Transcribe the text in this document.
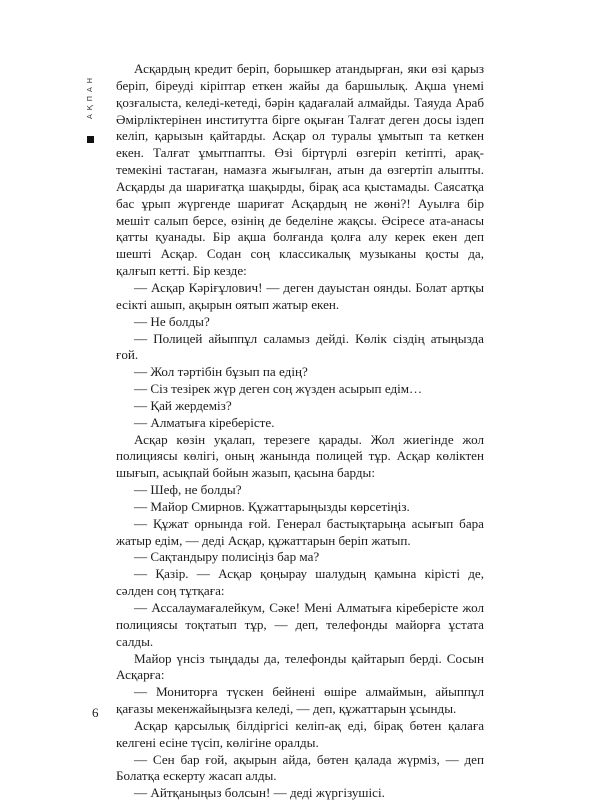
АҚПАН

Асқардың кредит беріп, борышкер атандырған, яки өзі қарыз беріп, біреуді кіріптар еткен жайы да баршылық. Ақша үнемі қозғалыста, келеді-кетеді, бәрін қадағалай алмайды. Таяуда Араб Әмірліктерінен институтта бірге оқыған Талғат деген досы іздеп келіп, қарызын қайтарды. Асқар ол туралы ұмытып та кеткен екен. Талғат ұмытпапты. Өзі біртүрлі өзгеріп кетіпті, арақ-темекіні тастаған, намазға жығылған, атын да өзгертіп алыпты. Асқарды да шариғатқа шақырды, бірақ аса қыстамады. Саясатқа бас ұрып жүргенде шариғат Асқардың не жөні?! Ауылға бір мешіт салып берсе, өзінің де беделіне жақсы. Әсіресе ата-анасы қатты қуанады. Бір ақша болғанда қолға алу керек екен деп шешті Асқар. Содан соң классикалық музыканы қосты да, қалғып кетті. Бір кезде:

— Асқар Кәріғұлович! — деген дауыстан оянды. Болат артқы есікті ашып, ақырын оятып жатыр екен.

— Не болды?

— Полицей айыппұл саламыз дейді. Көлік сіздің атыңызда ғой.

— Жол тәртібін бұзып па едің?

— Сіз тезірек жүр деген соң жүзден асырып едім…

— Қай жердеміз?

— Алматыға кіреберісте.

Асқар көзін уқалап, терезеге қарады. Жол жиегінде жол полициясы көлігі, оның жанында полицей тұр. Асқар көліктен шығып, асықпай бойын жазып, қасына барды:

— Шеф, не болды?

— Майор Смирнов. Құжаттарыңызды көрсетіңіз.

— Құжат орнында ғой. Генерал бастықтарыңа асығып бара жатыр едім, — деді Асқар, құжаттарын беріп жатып.

— Сақтандыру полисіңіз бар ма?

— Қазір. — Асқар қоңырау шалудың қамына кірісті де, сәлден соң тұтқаға:

— Ассалаумағалейкум, Сәке! Мені Алматыға кіреберісте жол полициясы тоқтатып тұр, — деп, телефонды майорға ұстата салды.

Майор үнсіз тыңдады да, телефонды қайтарып берді. Сосын Асқарға:

— Мониторға түскен бейнені өшіре алмаймын, айыппұл қағазы мекенжайыңызға келеді, — деп, құжаттарын ұсынды.

Асқар қарсылық білдіргісі келіп-ақ еді, бірақ бөтен қалаға келгені есіне түсіп, көлігіне оралды.

— Сен бар ғой, ақырын айда, бөтен қалада жүрміз, — деп Болатқа ескерту жасап алды.

— Айтқаныңыз болсын! — деді жүргізушісі.

6
